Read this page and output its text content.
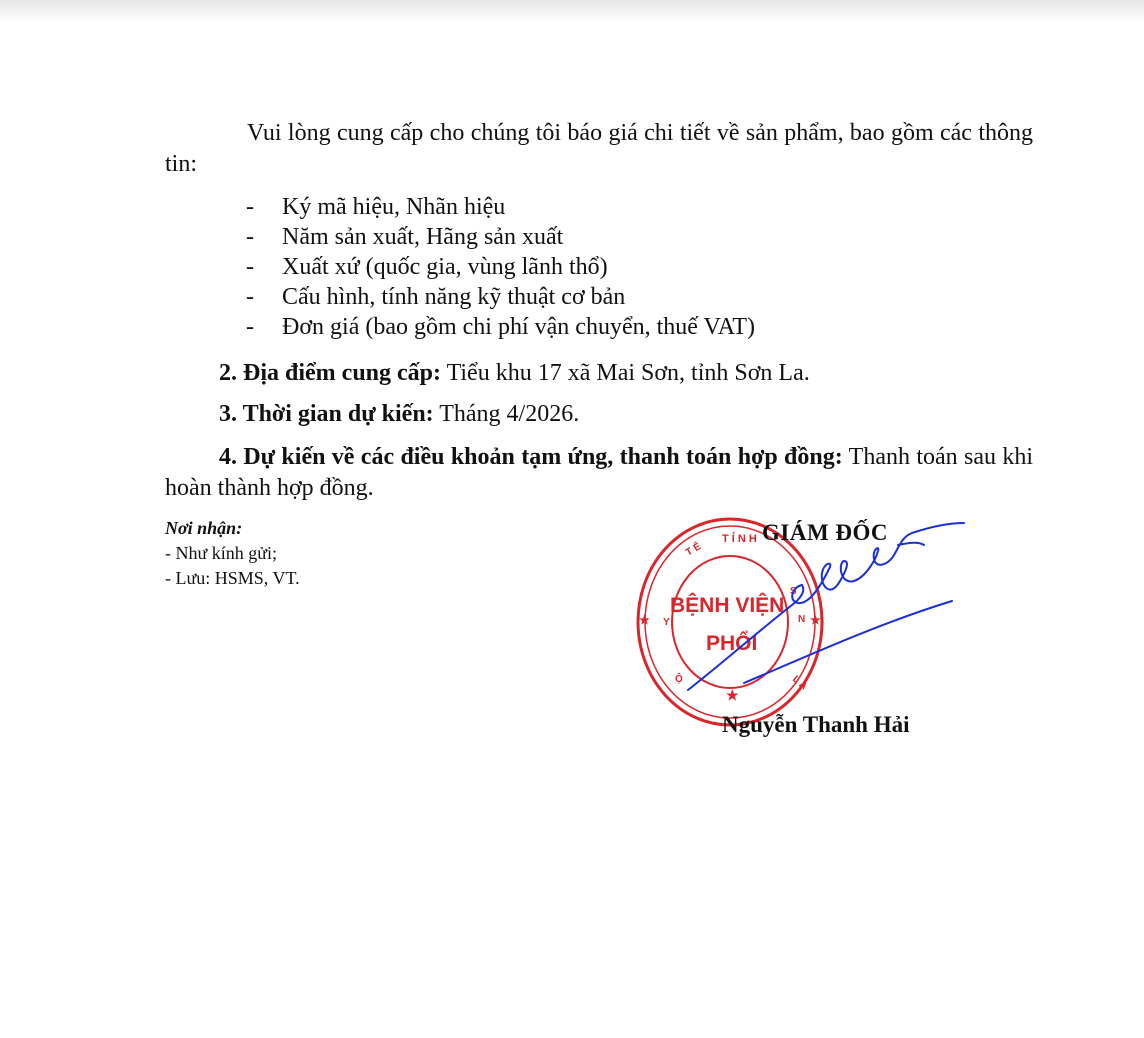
Vui lòng cung cấp cho chúng tôi báo giá chi tiết về sản phẩm, bao gồm các thông tin:

- Ký mã hiệu, Nhãn hiệu
- Năm sản xuất, Hãng sản xuất
- Xuất xứ (quốc gia, vùng lãnh thổ)
- Cấu hình, tính năng kỹ thuật cơ bản
- Đơn giá (bao gồm chi phí vận chuyển, thuế VAT)

2. Địa điểm cung cấp: Tiểu khu 17 xã Mai Sơn, tỉnh Sơn La.

3. Thời gian dự kiến: Tháng 4/2026.

4. Dự kiến về các điều khoản tạm ứng, thanh toán hợp đồng: Thanh toán sau khi hoàn thành hợp đồng.

Nơi nhận:
- Như kính gửi;
- Lưu: HSMS, VT.
BỆNH VIỆN
PHỔI
T Ỉ N H
T Ế
Y
S
N
L A
Ộ
★
★	★
GIÁM ĐỐC
Nguyễn Thanh Hải
